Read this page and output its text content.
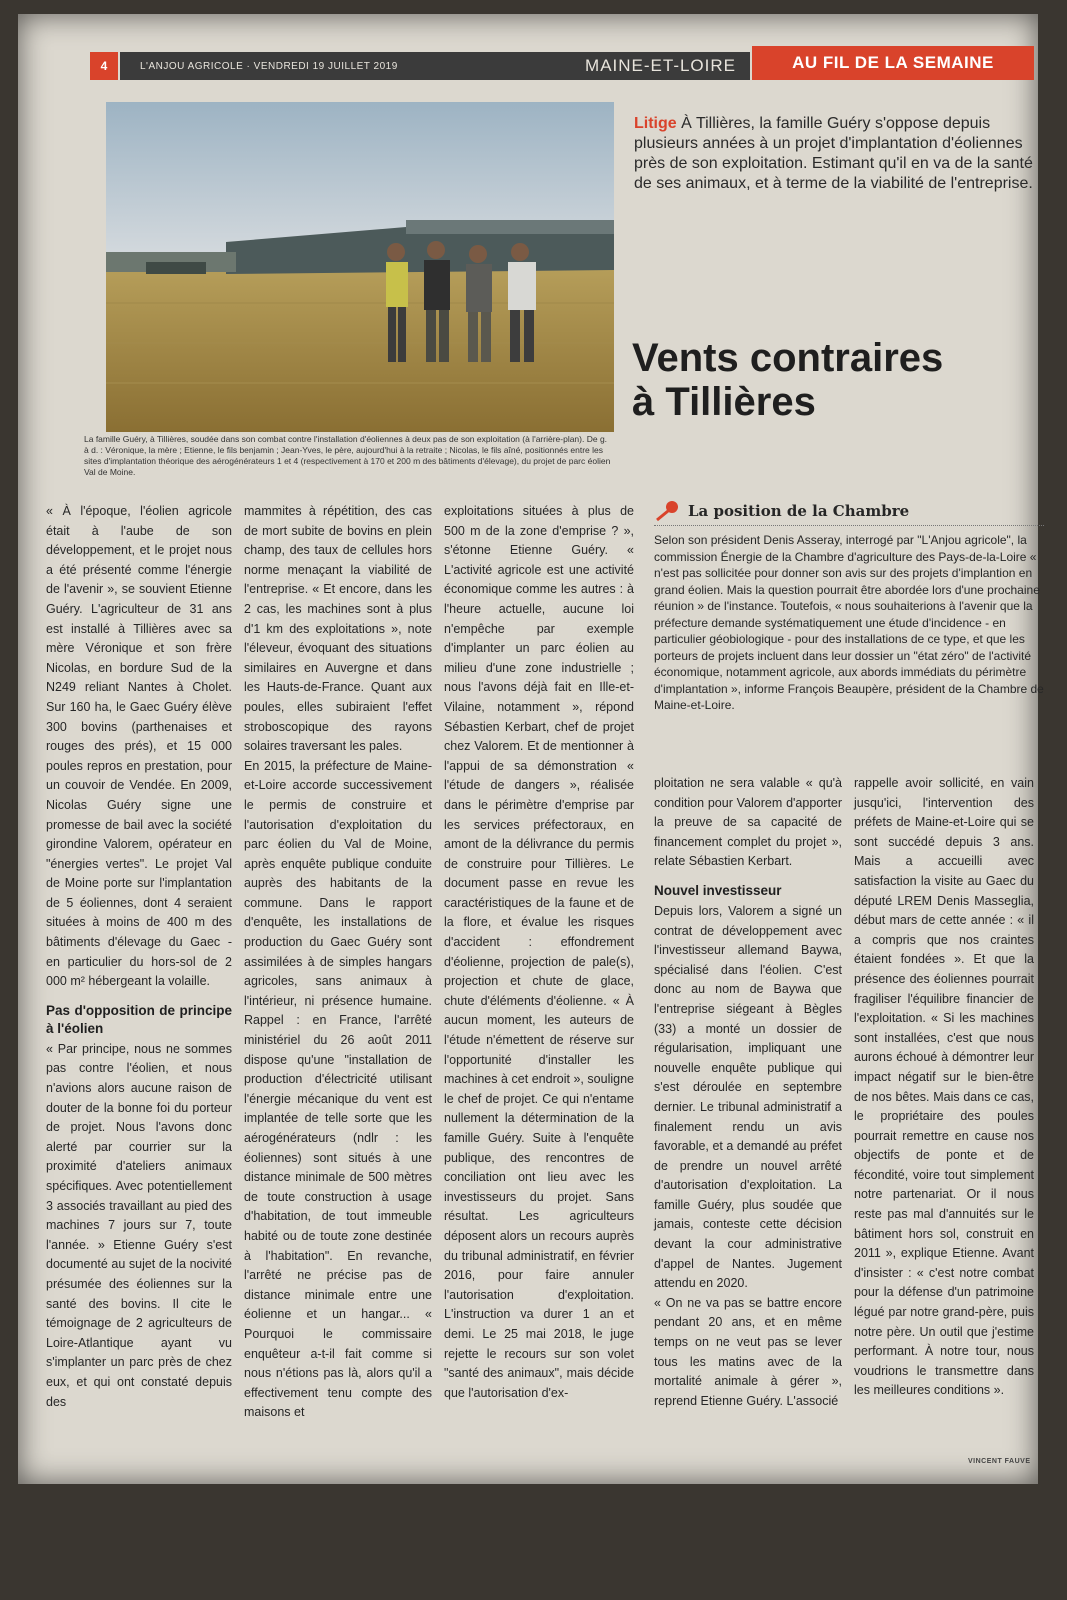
4	L'ANJOU AGRICOLE · VENDREDI 19 JUILLET 2019	MAINE-ET-LOIRE	AU FIL DE LA SEMAINE
La famille Guéry, à Tillières, soudée dans son combat contre l'installation d'éoliennes à deux pas de son exploitation (à l'arrière-plan). De g. à d. : Véronique, la mère ; Etienne, le fils benjamin ; Jean-Yves, le père, aujourd'hui à la retraite ; Nicolas, le fils aîné, positionnés entre les sites d'implantation théorique des aérogénérateurs 1 et 4 (respectivement à 170 et 200 m des bâtiments d'élevage), du projet de parc éolien Val de Moine.
Litige À Tillières, la famille Guéry s'oppose depuis plusieurs années à un projet d'implantation d'éoliennes près de son exploitation. Estimant qu'il en va de la santé de ses animaux, et à terme de la viabilité de l'entreprise.
Vents contraires
à Tillières

« À l'époque, l'éolien agricole était à l'aube de son développement, et le projet nous a été présenté comme l'énergie de l'avenir », se souvient Etienne Guéry. L'agriculteur de 31 ans est installé à Tillières avec sa mère Véronique et son frère Nicolas, en bordure Sud de la N249 reliant Nantes à Cholet. Sur 160 ha, le Gaec Guéry élève 300 bovins (parthenaises et rouges des prés), et 15 000 poules repros en prestation, pour un couvoir de Vendée. En 2009, Nicolas Guéry signe une promesse de bail avec la société girondine Valorem, opérateur en "énergies vertes". Le projet Val de Moine porte sur l'implantation de 5 éoliennes, dont 4 seraient situées à moins de 400 m des bâtiments d'élevage du Gaec - en particulier du hors-sol de 2 000 m² hébergeant la volaille.

Pas d'opposition de principe à l'éolien

« Par principe, nous ne sommes pas contre l'éolien, et nous n'avions alors aucune raison de douter de la bonne foi du porteur de projet. Nous l'avons donc alerté par courrier sur la proximité d'ateliers animaux spécifiques. Avec potentiellement 3 associés travaillant au pied des machines 7 jours sur 7, toute l'année. » Etienne Guéry s'est documenté au sujet de la nocivité présumée des éoliennes sur la santé des bovins. Il cite le témoignage de 2 agriculteurs de Loire-Atlantique ayant vu s'implanter un parc près de chez eux, et qui ont constaté depuis des

mammites à répétition, des cas de mort subite de bovins en plein champ, des taux de cellules hors norme menaçant la viabilité de l'entreprise. « Et encore, dans les 2 cas, les machines sont à plus d'1 km des exploitations », note l'éleveur, évoquant des situations similaires en Auvergne et dans les Hauts-de-France. Quant aux poules, elles subiraient l'effet stroboscopique des rayons solaires traversant les pales.

En 2015, la préfecture de Maine-et-Loire accorde successivement le permis de construire et l'autorisation d'exploitation du parc éolien du Val de Moine, après enquête publique conduite auprès des habitants de la commune. Dans le rapport d'enquête, les installations de production du Gaec Guéry sont assimilées à de simples hangars agricoles, sans animaux à l'intérieur, ni présence humaine. Rappel : en France, l'arrêté ministériel du 26 août 2011 dispose qu'une "installation de production d'électricité utilisant l'énergie mécanique du vent est implantée de telle sorte que les aérogénérateurs (ndlr : les éoliennes) sont situés à une distance minimale de 500 mètres de toute construction à usage d'habitation, de tout immeuble habité ou de toute zone destinée à l'habitation". En revanche, l'arrêté ne précise pas de distance minimale entre une éolienne et un hangar... « Pourquoi le commissaire enquêteur a-t-il fait comme si nous n'étions pas là, alors qu'il a effectivement tenu compte des maisons et

exploitations situées à plus de 500 m de la zone d'emprise ? », s'étonne Etienne Guéry. « L'activité agricole est une activité économique comme les autres : à l'heure actuelle, aucune loi n'empêche par exemple d'implanter un parc éolien au milieu d'une zone industrielle ; nous l'avons déjà fait en Ille-et-Vilaine, notamment », répond Sébastien Kerbart, chef de projet chez Valorem. Et de mentionner à l'appui de sa démonstration « l'étude de dangers », réalisée dans le périmètre d'emprise par les services préfectoraux, en amont de la délivrance du permis de construire pour Tillières. Le document passe en revue les caractéristiques de la faune et de la flore, et évalue les risques d'accident : effondrement d'éolienne, projection de pale(s), projection et chute de glace, chute d'éléments d'éolienne. « À aucun moment, les auteurs de l'étude n'émettent de réserve sur l'opportunité d'installer les machines à cet endroit », souligne le chef de projet. Ce qui n'entame nullement la détermination de la famille Guéry. Suite à l'enquête publique, des rencontres de conciliation ont lieu avec les investisseurs du projet. Sans résultat. Les agriculteurs déposent alors un recours auprès du tribunal administratif, en février 2016, pour faire annuler l'autorisation d'exploitation. L'instruction va durer 1 an et demi. Le 25 mai 2018, le juge rejette le recours sur son volet "santé des animaux", mais décide que l'autorisation d'ex-

La position de la Chambre
Selon son président Denis Asseray, interrogé par "L'Anjou agricole", la commission Énergie de la Chambre d'agriculture des Pays-de-la-Loire « n'est pas sollicitée pour donner son avis sur des projets d'implantion en grand éolien. Mais la question pourrait être abordée lors d'une prochaine réunion » de l'instance. Toutefois, « nous souhaiterions à l'avenir que la préfecture demande systématiquement une étude d'incidence - en particulier géobiologique - pour des installations de ce type, et que les porteurs de projets incluent dans leur dossier un "état zéro" de l'activité économique, notamment agricole, aux abords immédiats du périmètre d'implantation », informe François Beaupère, président de la Chambre de Maine-et-Loire.

ploitation ne sera valable « qu'à condition pour Valorem d'apporter la preuve de sa capacité de financement complet du projet », relate Sébastien Kerbart.

Nouvel investisseur

Depuis lors, Valorem a signé un contrat de développement avec l'investisseur allemand Baywa, spécialisé dans l'éolien. C'est donc au nom de Baywa que l'entreprise siégeant à Bègles (33) a monté un dossier de régularisation, impliquant une nouvelle enquête publique qui s'est déroulée en septembre dernier. Le tribunal administratif a finalement rendu un avis favorable, et a demandé au préfet de prendre un nouvel arrêté d'autorisation d'exploitation. La famille Guéry, plus soudée que jamais, conteste cette décision devant la cour administrative d'appel de Nantes. Jugement attendu en 2020.

« On ne va pas se battre encore pendant 20 ans, et en même temps on ne veut pas se lever tous les matins avec de la mortalité animale à gérer », reprend Etienne Guéry. L'associé

rappelle avoir sollicité, en vain jusqu'ici, l'intervention des préfets de Maine-et-Loire qui se sont succédé depuis 3 ans. Mais a accueilli avec satisfaction la visite au Gaec du député LREM Denis Masseglia, début mars de cette année : « il a compris que nos craintes étaient fondées ». Et que la présence des éoliennes pourrait fragiliser l'équilibre financier de l'exploitation. « Si les machines sont installées, c'est que nous aurons échoué à démontrer leur impact négatif sur le bien-être de nos bêtes. Mais dans ce cas, le propriétaire des poules pourrait remettre en cause nos objectifs de ponte et de fécondité, voire tout simplement notre partenariat. Or il nous reste pas mal d'annuités sur le bâtiment hors sol, construit en 2011 », explique Etienne. Avant d'insister : « c'est notre combat pour la défense d'un patrimoine légué par notre grand-père, puis notre père. Un outil que j'estime performant. À notre tour, nous voudrions le transmettre dans les meilleures conditions ».

VINCENT FAUVE
